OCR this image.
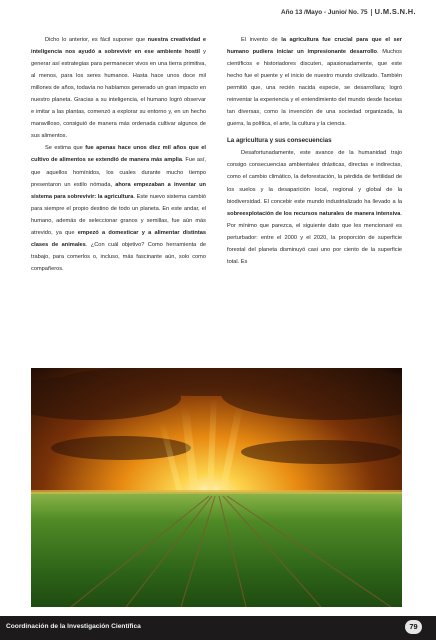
Año 13 /Mayo - Junio/ No. 75 U.M.S.N.H.

Dicho lo anterior, es fácil suponer que nuestra creatividad e inteligencia nos ayudó a sobrevivir en ese ambiente hostil y generar así estrategias para permanecer vivos en una tierra primitiva, al menos, para los seres humanos. Hasta hace unos doce mil millones de años, todavía no habíamos generado un gran impacto en nuestro planeta. Gracias a su inteligencia, el humano logró observar e imitar a las plantas, comenzó a explorar su entorno y, en un hecho maravilloso, consiguió de manera más ordenada cultivar algunos de sus alimentos.

Se estima que fue apenas hace unos diez mil años que el cultivo de alimentos se extendió de manera más amplia. Fue así, que aquellos homínidos, los cuales durante mucho tiempo presentaron un estilo nómada, ahora empezaban a inventar un sistema para sobrevivir: la agricultura. Este nuevo sistema cambió para siempre el propio destino de todo un planeta. En este andar, el humano, además de seleccionar granos y semillas, fue aún más atrevido, ya que empezó a domesticar y a alimentar distintas clases de animales. ¿Con cuál objetivo? Como herramienta de trabajo, para comerlos o, incluso, más fascinante aún, solo como compañeros.

El invento de la agricultura fue crucial para que el ser humano pudiera iniciar un impresionante desarrollo. Muchos científicos e historiadores discuten, apasionadamente, que este hecho fue el puente y el inicio de nuestro mundo civilizado. También permitió que, una recién nacida especie, se desarrollara; logró reinventar la experiencia y el entendimiento del mundo desde facetas tan diversas, como la invención de una sociedad organizada, la guerra, la política, el arte, la cultura y la ciencia.

La agricultura y sus consecuencias

Desafortunadamente, este avance de la humanidad trajo consigo consecuencias ambientales drásticas, directas e indirectas, como el cambio climático, la deforestación, la pérdida de fertilidad de los suelos y la desaparición local, regional y global de la biodiversidad. El concebir este mundo industrializado ha llevado a la sobreexplotación de los recursos naturales de manera intensiva. Por mínimo que parezca, el siguiente dato que les mencionaré es perturbador: entre el 2000 y el 2020, la proporción de superficie forestal del planeta disminuyó casi uno por ciento de la superficie total. Es

Coordinación de la Investigación Científica	79
